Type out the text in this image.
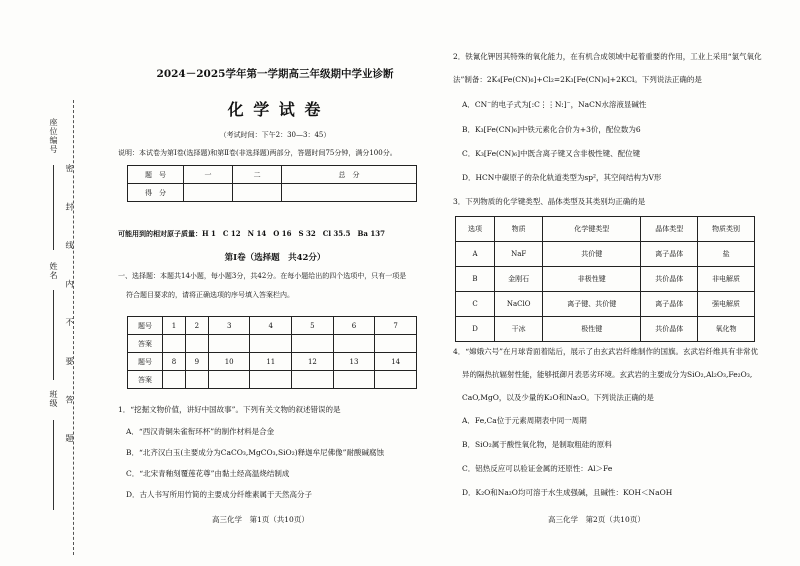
密 封 线 内 不 要 答 题
座位编号
姓名
班级
2024－2025学年第一学期高三年级期中学业诊断
化 学 试 卷
（考试时间：下午2：30—3：45）
说明：本试卷为第Ⅰ卷(选择题)和第Ⅱ卷(非选择题)两部分，答题时间75分钟，满分100分。
题　号	一	二	总　分
得　分			
可能用到的相对原子质量：H 1　C 12　N 14　O 16　S 32　Cl 35.5　Ba 137
第Ⅰ卷（选择题　共42分）
一、选择题：本题共14小题，每小题3分，共42分。在每小题给出的四个选项中，只有一项是
符合题目要求的，请将正确选项的序号填入答案栏内。
题号	1	2	3	4	5	6	7
答案							
题号	8	9	10	11	12	13	14
答案							
1．“挖掘文物价值，讲好中国故事”。下列有关文物的叙述错误的是
A．“西汉青铜朱雀衔环杯”的制作材料是合金
B．“北齐汉白玉(主要成分为CaCO₃,MgCO₃,SiO₂)释迦牟尼佛像”耐酸碱腐蚀
C．“北宋青釉刻覆莲花尊”由黏土经高温烧结制成
D．古人书写所用竹简的主要成分纤维素属于天然高分子
高三化学　第1页（共10页）
2．铁氰化钾因其特殊的氧化能力，在有机合成领域中起着重要的作用，工业上采用“氯气氧化
法”制备：2K₄[Fe(CN)₆]+Cl₂=2K₃[Fe(CN)₆]+2KCl。下列说法正确的是
A．CN⁻的电子式为[:C⋮⋮N:]⁻，NaCN水溶液显碱性
B．K₃[Fe(CN)₆]中铁元素化合价为+3价，配位数为6
C．K₃[Fe(CN)₆]中既含离子键又含非极性键、配位键
D．HCN中碳原子的杂化轨道类型为sp²，其空间结构为V形
3．下列物质的化学键类型、晶体类型及其类别均正确的是
选项	物质	化学键类型	晶体类型	物质类别
A	NaF	共价键	离子晶体	盐
B	金刚石	非极性键	共价晶体	非电解质
C	NaClO	离子键、共价键	离子晶体	强电解质
D	干冰	极性键	共价晶体	氧化物
4．“嫦娥六号”在月球背面着陆后，展示了由玄武岩纤维制作的国旗。玄武岩纤维具有非常优
异的隔热抗辐射性能，能够抵御月表恶劣环境。玄武岩的主要成分为SiO₂,Al₂O₃,Fe₂O₃,
CaO,MgO，以及少量的K₂O和Na₂O。下列说法正确的是
A．Fe,Ca位于元素周期表中同一周期
B．SiO₂属于酸性氧化物，是制取粗硅的原料
C．铝热反应可以验证金属的还原性：Al＞Fe
D．K₂O和Na₂O均可溶于水生成强碱，且碱性：KOH＜NaOH
高三化学　第2页（共10页）
